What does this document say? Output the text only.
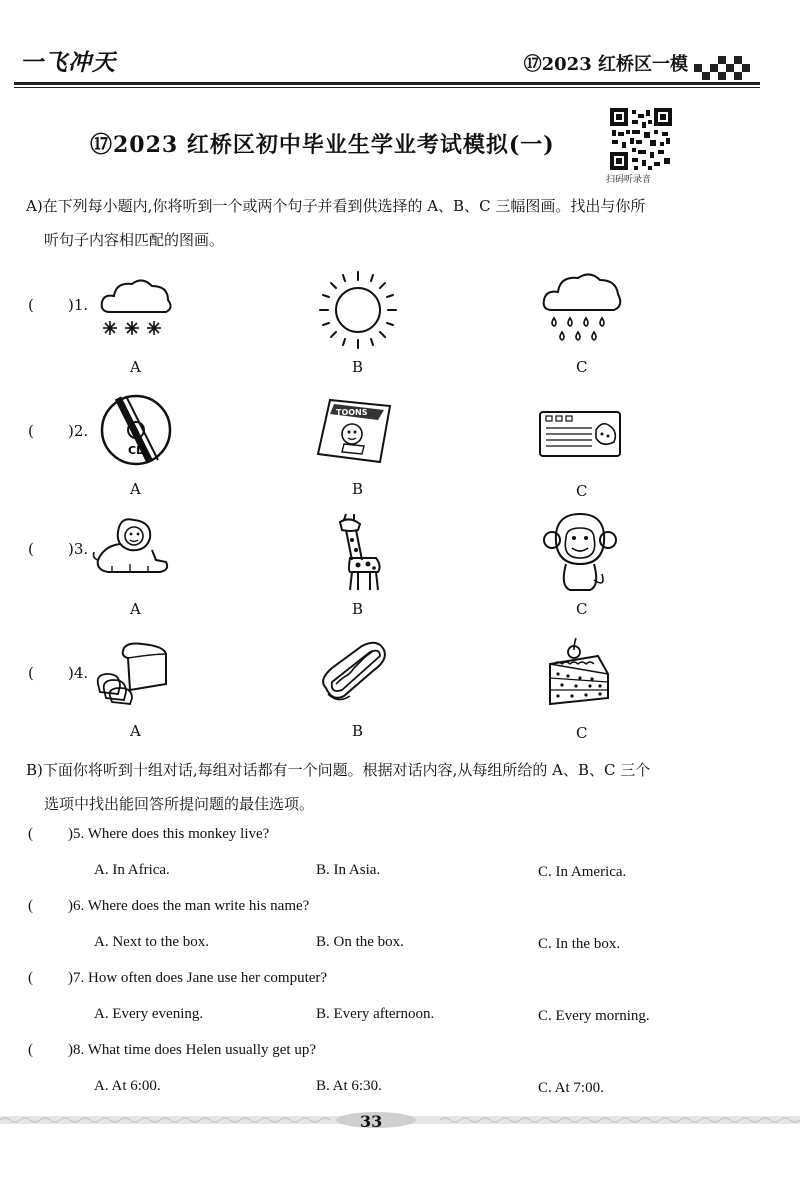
一飞冲天	⑰2023 红桥区一模
⑰2023 红桥区初中毕业生学业考试模拟(一)
扫码听录音
A)在下列每小题内,你将听到一个或两个句子并看到供选择的 A、B、C 三幅图画。找出与你所
听句子内容相匹配的图画。
( )1.
A	B	C
( )2.
CD
TOONS
A	B	C
( )3.
A	B	C
( )4.
A	B	C
B)下面你将听到十组对话,每组对话都有一个问题。根据对话内容,从每组所给的 A、B、C 三个
选项中找出能回答所提问题的最佳选项。
( )5. Where does this monkey live?
A. In Africa.	B. In Asia.	C. In America.
( )6. Where does the man write his name?
A. Next to the box.	B. On the box.	C. In the box.
( )7. How often does Jane use her computer?
A. Every evening.	B. Every afternoon.	C. Every morning.
( )8. What time does Helen usually get up?
A. At 6:00.	B. At 6:30.	C. At 7:00.
33
